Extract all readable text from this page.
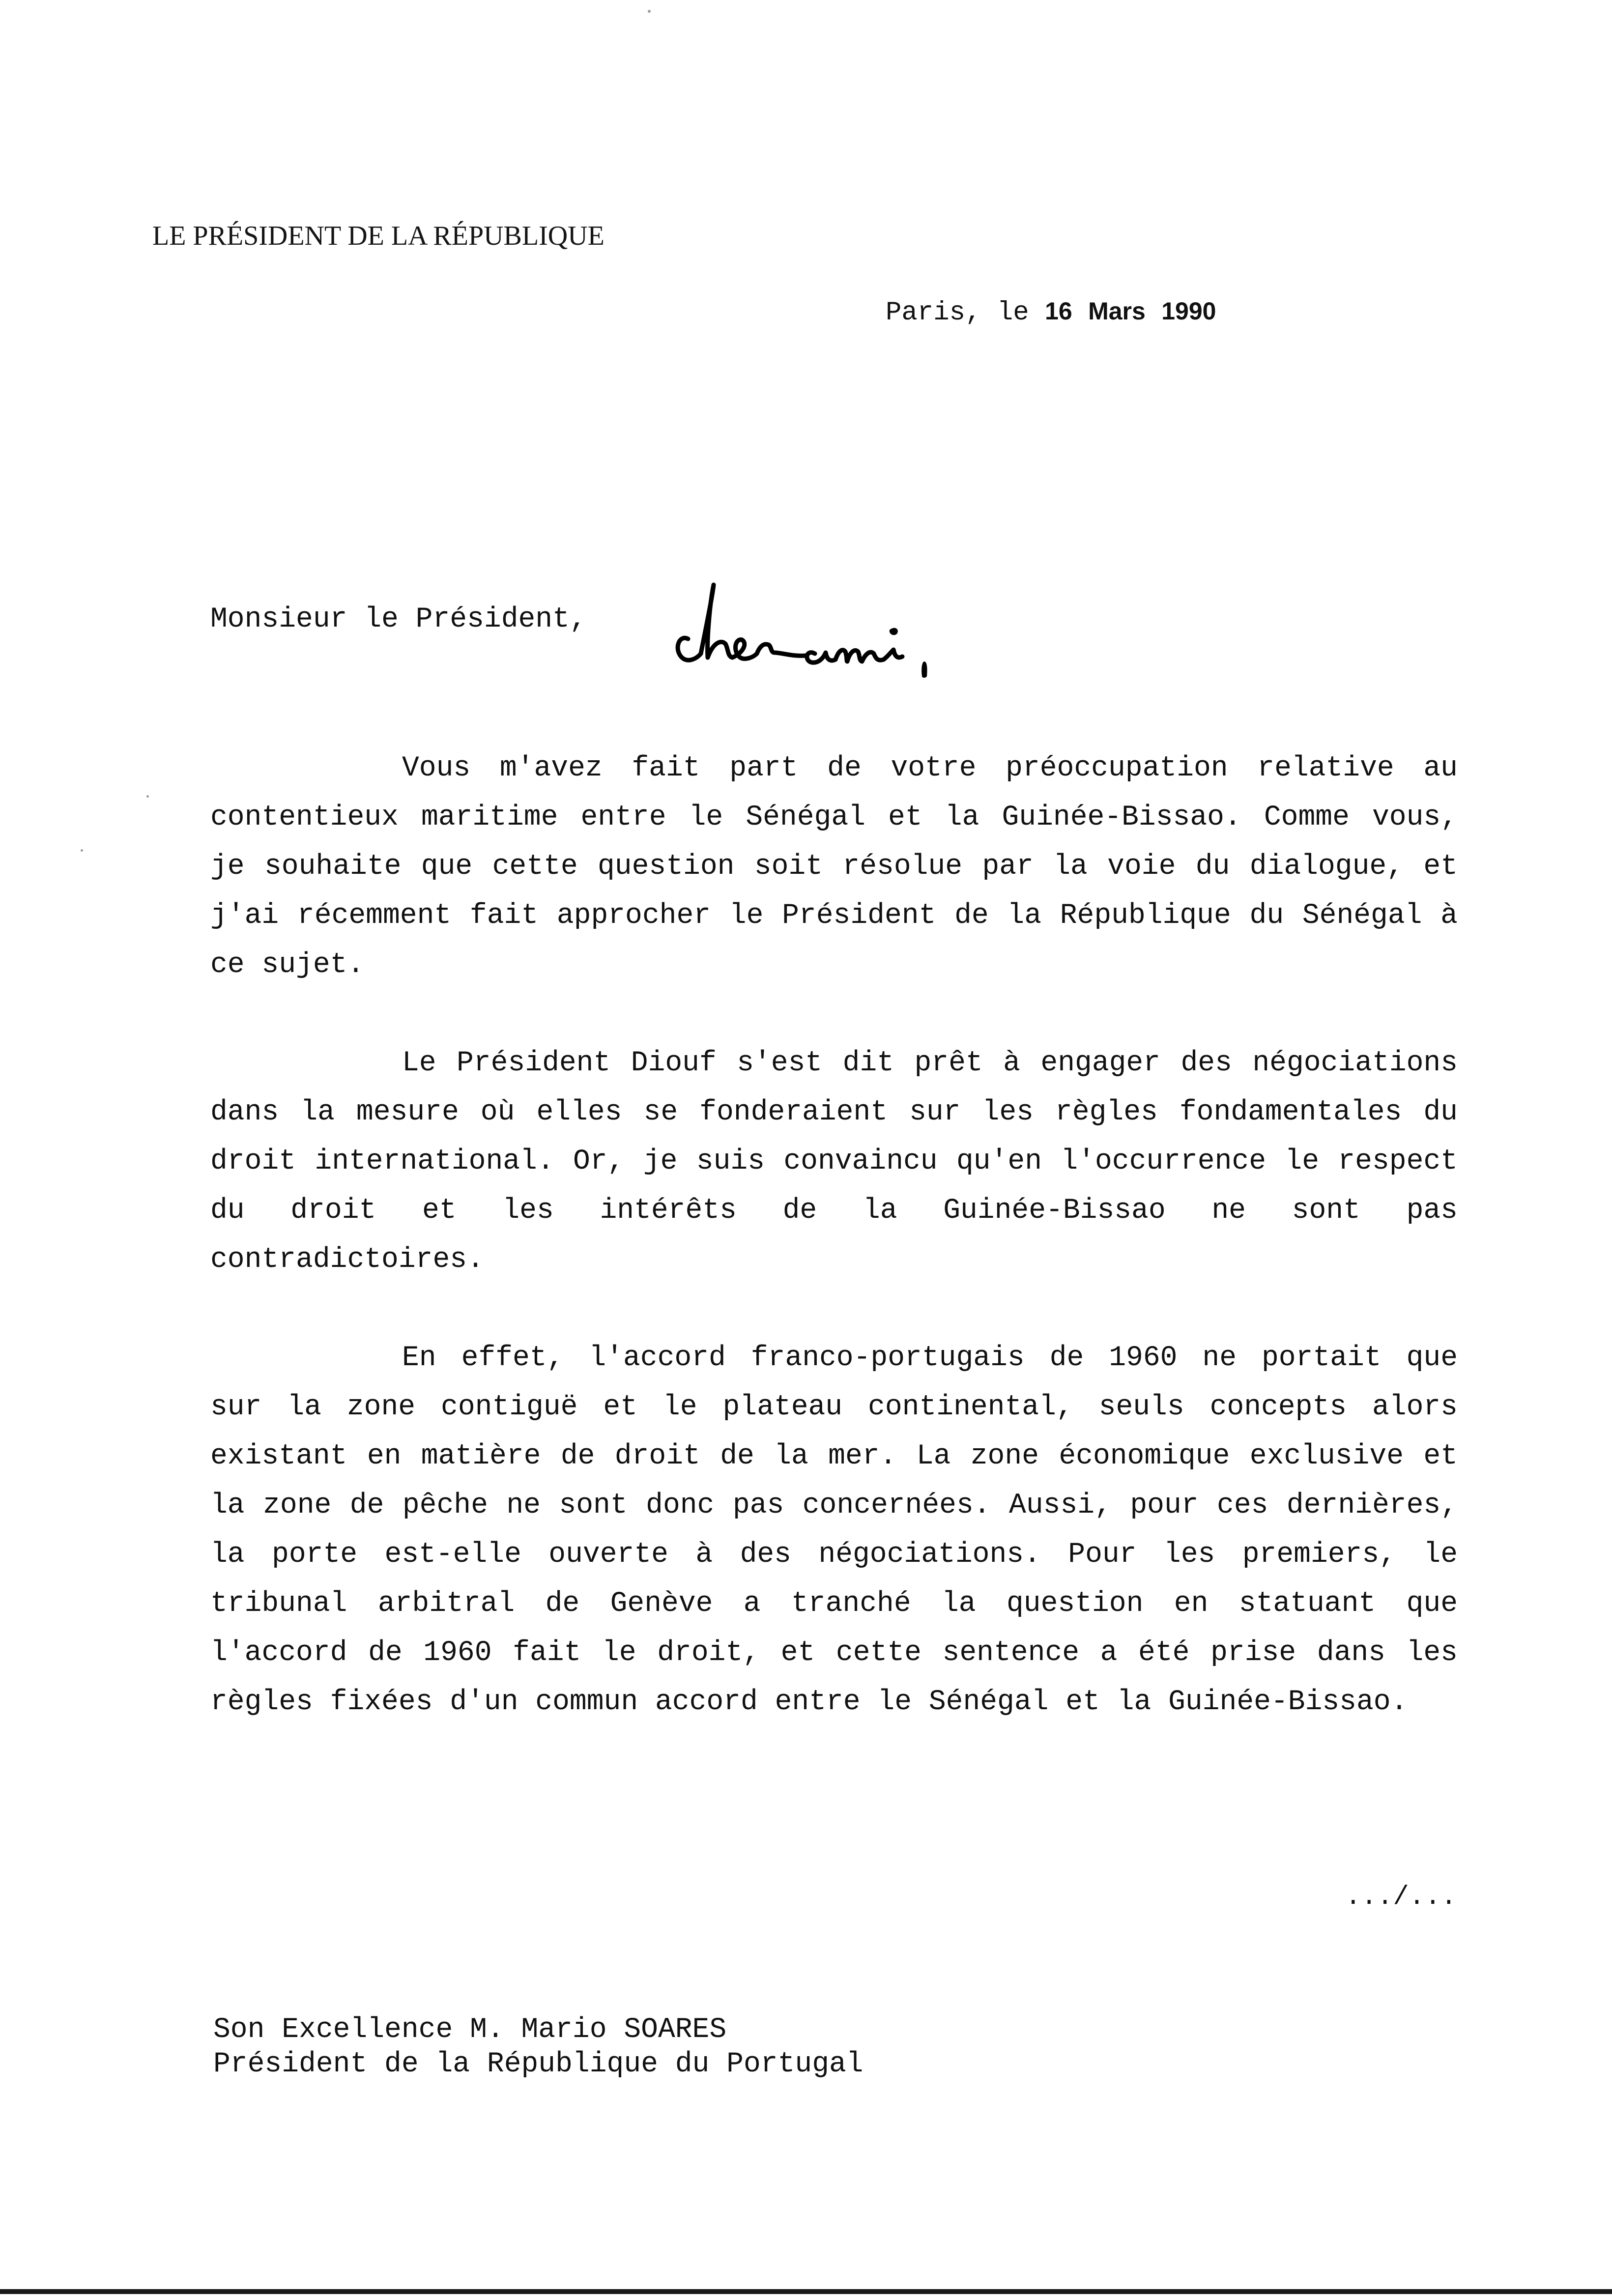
LE PRÉSIDENT DE LA RÉPUBLIQUE
Paris, le 16 Mars 1990
Monsieur le Président,

Vous m'avez fait part de votre préoccupation relative au contentieux maritime entre le Sénégal et la Guinée-Bissao. Comme vous, je souhaite que cette question soit résolue par la voie du dialogue, et j'ai récemment fait approcher le Président de la République du Sénégal à ce sujet.

Le Président Diouf s'est dit prêt à engager des négociations dans la mesure où elles se fonderaient sur les règles fondamentales du droit international. Or, je suis convaincu qu'en l'occurrence le respect du droit et les intérêts de la Guinée-Bissao ne sont pas contradictoires.

En effet, l'accord franco-portugais de 1960 ne portait que sur la zone contiguë et le plateau continental, seuls concepts alors existant en matière de droit de la mer. La zone économique exclusive et la zone de pêche ne sont donc pas concernées. Aussi, pour ces dernières, la porte est-elle ouverte à des négociations. Pour les premiers, le tribunal arbitral de Genève a tranché la question en statuant que l'accord de 1960 fait le droit, et cette sentence a été prise dans les règles fixées d'un commun accord entre le Sénégal et la Guinée-Bissao.

.../...
Son Excellence M. Mario SOARES
Président de la République du Portugal
